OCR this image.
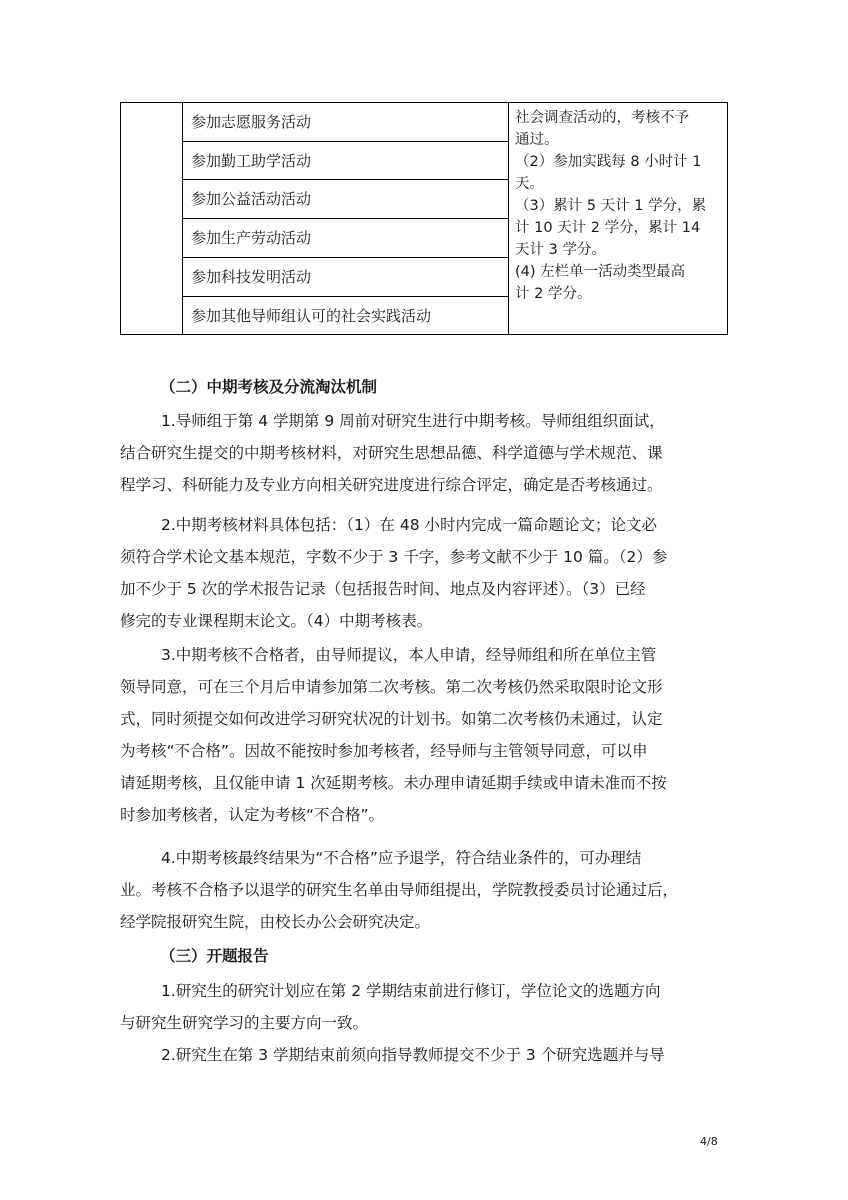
参加志愿服务活动
参加勤工助学活动
参加公益活动活动
参加生产劳动活动
参加科技发明活动
参加其他导师组认可的社会实践活动
社会调查活动的，考核不予
通过。
（2）参加实践每 8 小时计 1
天。
（3）累计 5 天计 1 学分，累
计 10 天计 2 学分，累计 14
天计 3 学分。
(4) 左栏单一活动类型最高
计 2 学分。
（二）中期考核及分流淘汰机制
1.导师组于第 4 学期第 9 周前对研究生进行中期考核。导师组组织面试，
结合研究生提交的中期考核材料，对研究生思想品德、科学道德与学术规范、课
程学习、科研能力及专业方向相关研究进度进行综合评定，确定是否考核通过。
2.中期考核材料具体包括：（1）在 48 小时内完成一篇命题论文；论文必
须符合学术论文基本规范，字数不少于 3 千字，参考文献不少于 10 篇。（2）参
加不少于 5 次的学术报告记录（包括报告时间、地点及内容评述）。（3）已经
修完的专业课程期末论文。（4）中期考核表。
3.中期考核不合格者，由导师提议，本人申请，经导师组和所在单位主管
领导同意，可在三个月后申请参加第二次考核。第二次考核仍然采取限时论文形
式，同时须提交如何改进学习研究状况的计划书。如第二次考核仍未通过，认定
为考核“不合格”。因故不能按时参加考核者，经导师与主管领导同意，可以申
请延期考核，且仅能申请 1 次延期考核。未办理申请延期手续或申请未准而不按
时参加考核者，认定为考核“不合格”。
4.中期考核最终结果为“不合格”应予退学，符合结业条件的，可办理结
业。考核不合格予以退学的研究生名单由导师组提出，学院教授委员讨论通过后，
经学院报研究生院，由校长办公会研究决定。
（三）开题报告
1.研究生的研究计划应在第 2 学期结束前进行修订，学位论文的选题方向
与研究生研究学习的主要方向一致。
2.研究生在第 3 学期结束前须向指导教师提交不少于 3 个研究选题并与导
4/8
